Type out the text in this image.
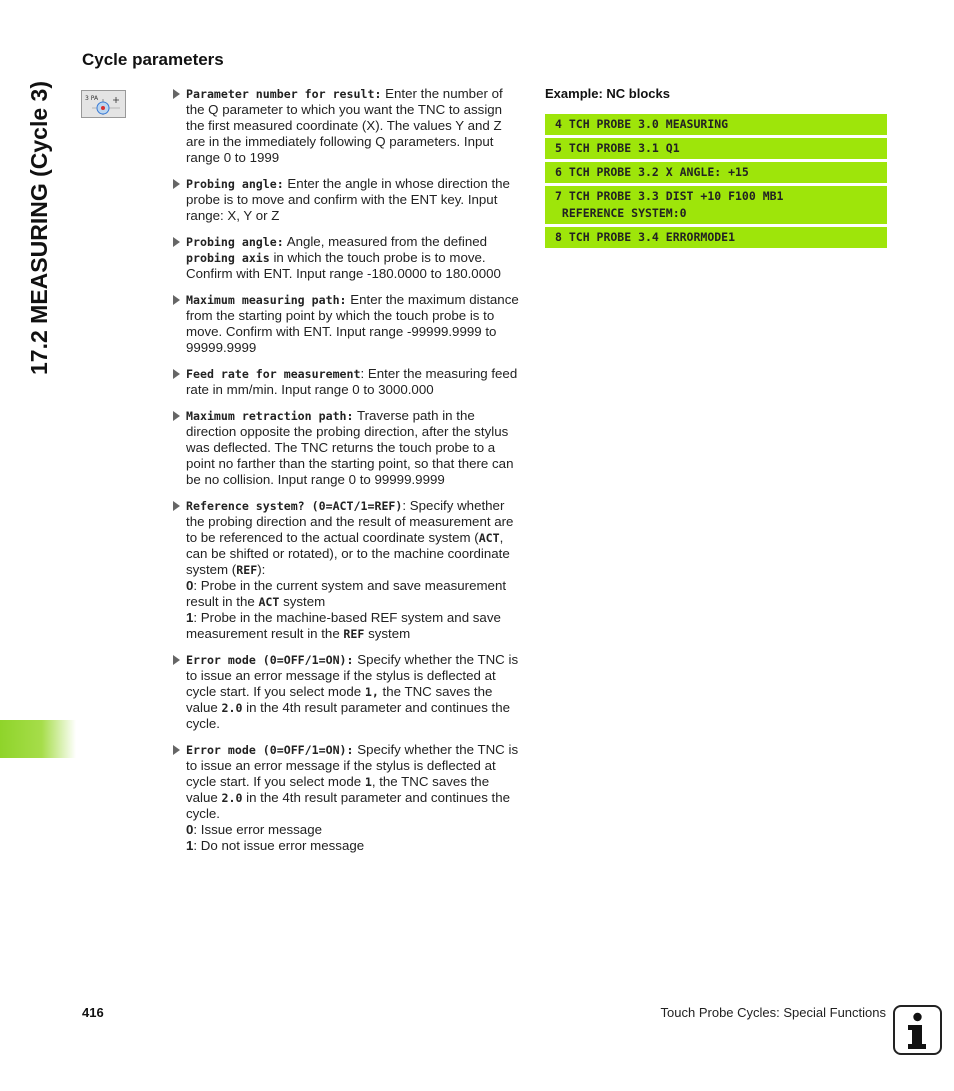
17.2 MEASURING (Cycle 3)
Cycle parameters
3 PA	Parameter number for result: Enter the number of the Q parameter to which you want the TNC to assign the first measured coordinate (X). The values Y and Z are in the immediately following Q parameters. Input range 0 to 1999
Probing angle: Enter the angle in whose direction the probe is to move and confirm with the ENT key. Input range: X, Y or Z
Probing angle: Angle, measured from the defined probing axis in which the touch probe is to move. Confirm with ENT. Input range -180.0000 to 180.0000
Maximum measuring path: Enter the maximum distance from the starting point by which the touch probe is to move. Confirm with ENT. Input range -99999.9999 to 99999.9999
Feed rate for measurement: Enter the measuring feed rate in mm/min. Input range 0 to 3000.000
Maximum retraction path: Traverse path in the direction opposite the probing direction, after the stylus was deflected. The TNC returns the touch probe to a point no farther than the starting point, so that there can be no collision. Input range 0 to 99999.9999
Reference system? (0=ACT/1=REF): Specify whether the probing direction and the result of measurement are to be referenced to the actual coordinate system (ACT, can be shifted or rotated), or to the machine coordinate system (REF):
0: Probe in the current system and save measurement result in the ACT system
1: Probe in the machine-based REF system and save measurement result in the REF system
Error mode (0=OFF/1=ON): Specify whether the TNC is to issue an error message if the stylus is deflected at cycle start. If you select mode 1, the TNC saves the value 2.0 in the 4th result parameter and continues the cycle.
Error mode (0=OFF/1=ON): Specify whether the TNC is to issue an error message if the stylus is deflected at cycle start. If you select mode 1, the TNC saves the value 2.0 in the 4th result parameter and continues the cycle.
0: Issue error message
1: Do not issue error message
Example: NC blocks
4 TCH PROBE 3.0 MEASURING
5 TCH PROBE 3.1 Q1
6 TCH PROBE 3.2 X ANGLE: +15
7 TCH PROBE 3.3 DIST +10 F100 MB1
REFERENCE SYSTEM:0
8 TCH PROBE 3.4 ERRORMODE1
416	Touch Probe Cycles: Special Functions
